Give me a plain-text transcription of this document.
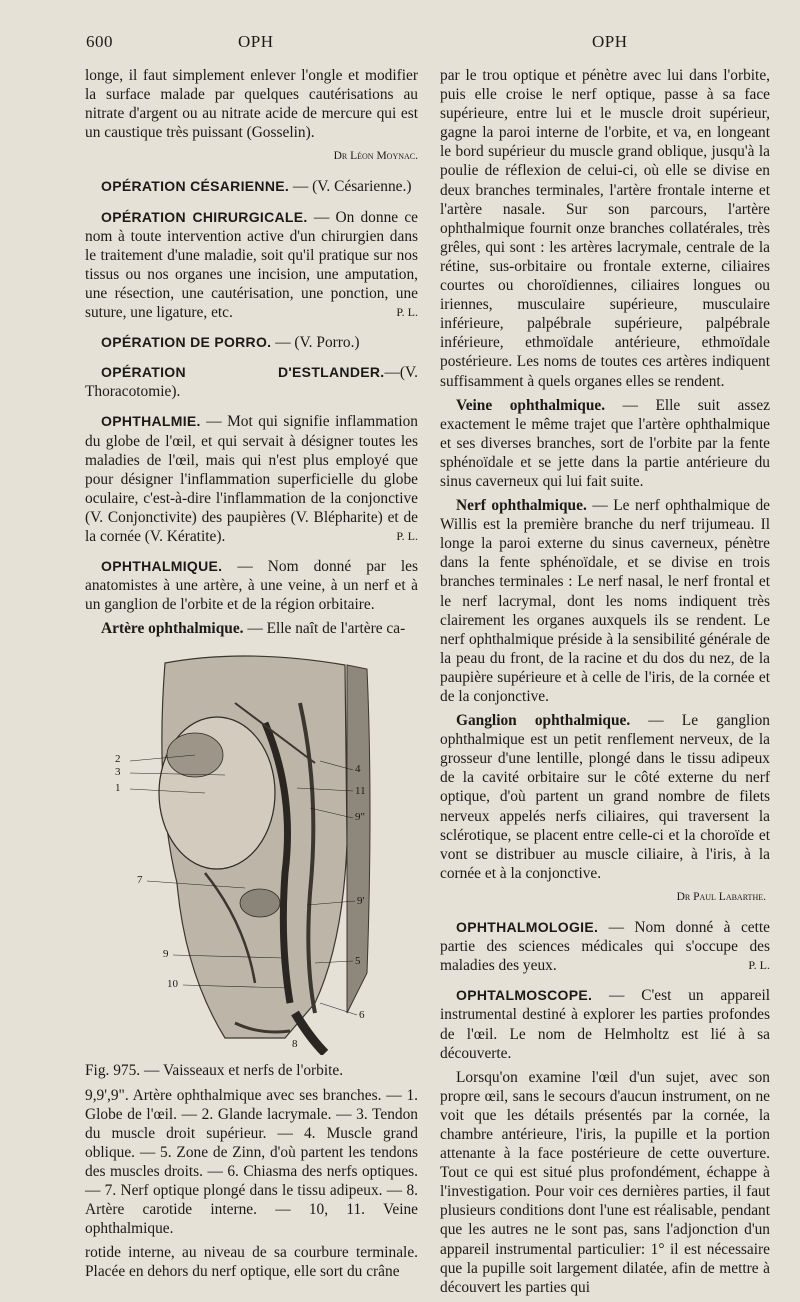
600	OPH	OPH

longe, il faut simplement enlever l'ongle et modifier la surface malade par quelques cautérisations au nitrate d'argent ou au nitrate acide de mercure qui est un caustique très puissant (Gosselin).

Dr Léon Moynac.

OPÉRATION CÉSARIENNE. — (V. Césarienne.)

OPÉRATION CHIRURGICALE. — On donne ce nom à toute intervention active d'un chirurgien dans le traitement d'une maladie, soit qu'il pratique sur nos tissus ou nos organes une incision, une amputation, une résection, une cautérisation, une ponction, une suture, une ligature, etc.	P. L.

OPÉRATION DE PORRO. — (V. Porro.)

OPÉRATION D'ESTLANDER.—(V. Thoracotomie).

OPHTHALMIE. — Mot qui signifie inflammation du globe de l'œil, et qui servait à désigner toutes les maladies de l'œil, mais qui n'est plus employé que pour désigner l'inflammation superficielle du globe oculaire, c'est-à-dire l'inflammation de la conjonctive (V. Conjonctivite) des paupières (V. Blépharite) et de la cornée (V. Kératite).	P. L.

OPHTHALMIQUE. — Nom donné par les anatomistes à une artère, à une veine, à un nerf et à un ganglion de l'orbite et de la région orbitaire.

Artère ophthalmique. — Elle naît de l'artère ca-

2
3
1
7
9
10
8
6
5
9'
9"
11
4

Fig. 975. — Vaisseaux et nerfs de l'orbite.

9,9',9". Artère ophthalmique avec ses branches. — 1. Globe de l'œil. — 2. Glande lacrymale. — 3. Tendon du muscle droit supérieur. — 4. Muscle grand oblique. — 5. Zone de Zinn, d'où partent les tendons des muscles droits. — 6. Chiasma des nerfs optiques. — 7. Nerf optique plongé dans le tissu adipeux. — 8. Artère carotide interne. — 10, 11. Veine ophthalmique.

rotide interne, au niveau de sa courbure terminale. Placée en dehors du nerf optique, elle sort du crâne

par le trou optique et pénètre avec lui dans l'orbite, puis elle croise le nerf optique, passe à sa face supérieure, entre lui et le muscle droit supérieur, gagne la paroi interne de l'orbite, et va, en longeant le bord supérieur du muscle grand oblique, jusqu'à la poulie de réflexion de celui-ci, où elle se divise en deux branches terminales, l'artère frontale interne et l'artère nasale. Sur son parcours, l'artère ophthalmique fournit onze branches collatérales, très grêles, qui sont : les artères lacrymale, centrale de la rétine, sus-orbitaire ou frontale externe, ciliaires courtes ou choroïdiennes, ciliaires longues ou iriennes, musculaire supérieure, musculaire inférieure, palpébrale supérieure, palpébrale inférieure, ethmoïdale antérieure, ethmoïdale postérieure. Les noms de toutes ces artères indiquent suffisamment à quels organes elles se rendent.

Veine ophthalmique. — Elle suit assez exactement le même trajet que l'artère ophthalmique et ses diverses branches, sort de l'orbite par la fente sphénoïdale et se jette dans la partie antérieure du sinus caverneux qui lui fait suite.

Nerf ophthalmique. — Le nerf ophthalmique de Willis est la première branche du nerf trijumeau. Il longe la paroi externe du sinus caverneux, pénètre dans la fente sphénoïdale, et se divise en trois branches terminales : Le nerf nasal, le nerf frontal et le nerf lacrymal, dont les noms indiquent très clairement les organes auxquels ils se rendent. Le nerf ophthalmique préside à la sensibilité générale de la peau du front, de la racine et du dos du nez, de la paupière supérieure et à celle de l'iris, de la cornée et de la conjonctive.

Ganglion ophthalmique. — Le ganglion ophthalmique est un petit renflement nerveux, de la grosseur d'une lentille, plongé dans le tissu adipeux de la cavité orbitaire sur le côté externe du nerf optique, d'où partent un grand nombre de filets nerveux appelés nerfs ciliaires, qui traversent la sclérotique, se placent entre celle-ci et la choroïde et vont se distribuer au muscle ciliaire, à l'iris, à la cornée et à la conjonctive.

Dr Paul Labarthe.

OPHTHALMOLOGIE. — Nom donné à cette partie des sciences médicales qui s'occupe des maladies des yeux.	P. L.

OPHTALMOSCOPE. — C'est un appareil instrumental destiné à explorer les parties profondes de l'œil. Le nom de Helmholtz est lié à sa découverte.

Lorsqu'on examine l'œil d'un sujet, avec son propre œil, sans le secours d'aucun instrument, on ne voit que les détails présentés par la cornée, la chambre antérieure, l'iris, la pupille et la portion attenante à la face postérieure de cette ouverture. Tout ce qui est situé plus profondément, échappe à l'investigation. Pour voir ces dernières parties, il faut plusieurs conditions dont l'une est réalisable, pendant que les autres ne le sont pas, sans l'adjonction d'un appareil instrumental particulier: 1° il est nécessaire que la pupille soit largement dilatée, afin de mettre à découvert les parties qui
